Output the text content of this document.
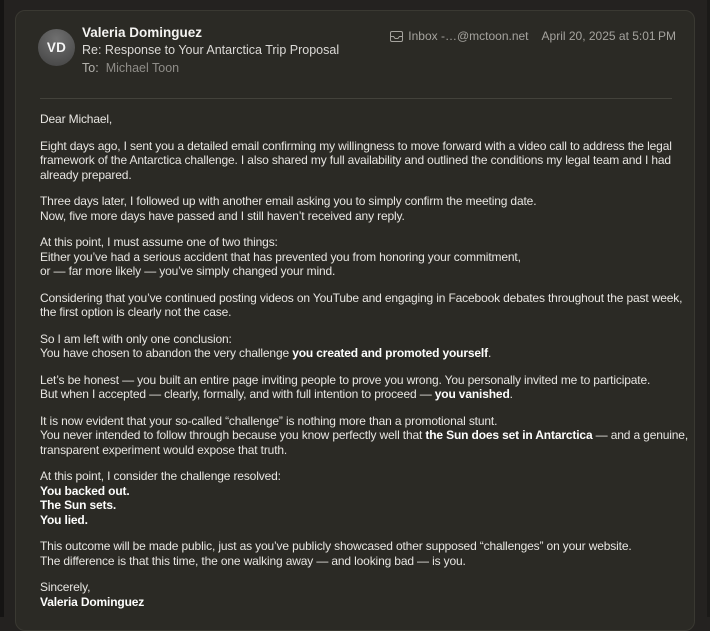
VD
Valeria Dominguez
Re: Response to Your Antarctica Trip Proposal
To: Michael Toon
Inbox -…@mctoon.net April 20, 2025 at 5:01 PM

Dear Michael,

Eight days ago, I sent you a detailed email confirming my willingness to move forward with a video call to address the legal framework of the Antarctica challenge. I also shared my full availability and outlined the conditions my legal team and I had already prepared.

Three days later, I followed up with another email asking you to simply confirm the meeting date.
Now, five more days have passed and I still haven’t received any reply.

At this point, I must assume one of two things:
Either you’ve had a serious accident that has prevented you from honoring your commitment,
or — far more likely — you’ve simply changed your mind.

Considering that you’ve continued posting videos on YouTube and engaging in Facebook debates throughout the past week, the first option is clearly not the case.

So I am left with only one conclusion:
You have chosen to abandon the very challenge you created and promoted yourself.

Let’s be honest — you built an entire page inviting people to prove you wrong. You personally invited me to participate.
But when I accepted — clearly, formally, and with full intention to proceed — you vanished.

It is now evident that your so-called “challenge” is nothing more than a promotional stunt.
You never intended to follow through because you know perfectly well that the Sun does set in Antarctica — and a genuine, transparent experiment would expose that truth.

At this point, I consider the challenge resolved:
You backed out.
The Sun sets.
You lied.

This outcome will be made public, just as you’ve publicly showcased other supposed “challenges” on your website.
The difference is that this time, the one walking away — and looking bad — is you.

Sincerely,
Valeria Dominguez
